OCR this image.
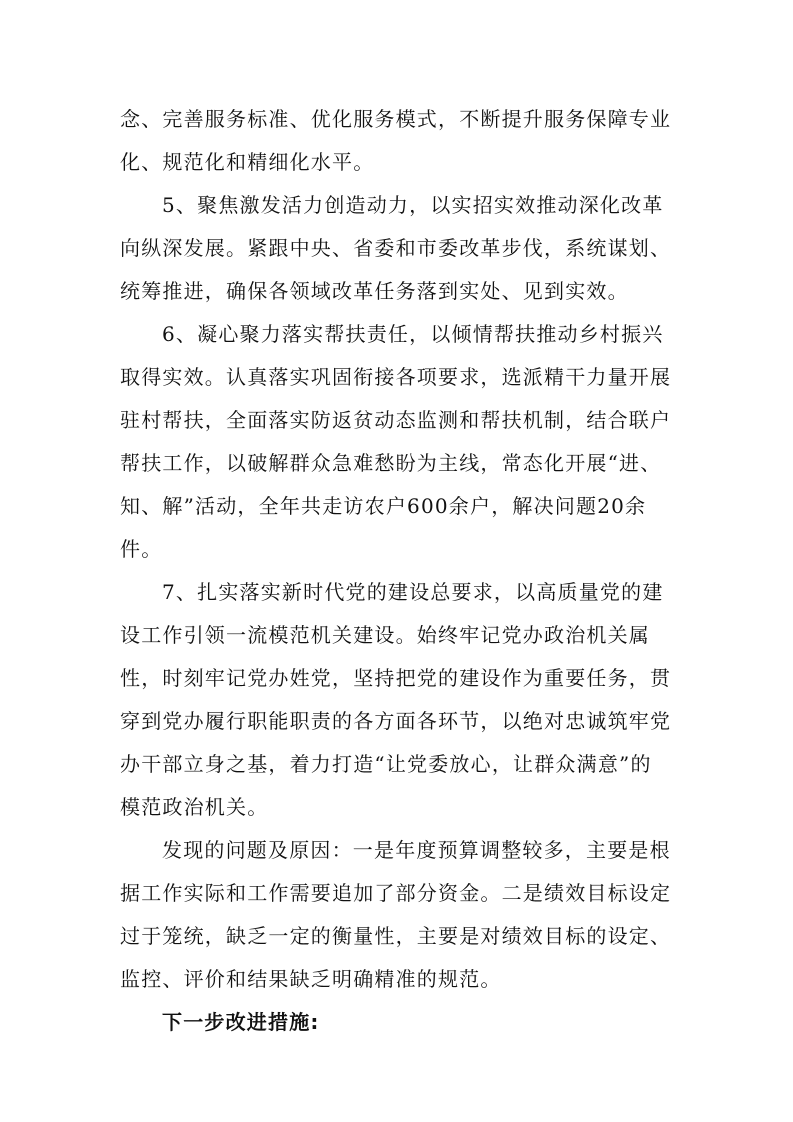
念、完善服务标准、优化服务模式，不断提升服务保障专业
化、规范化和精细化水平。
5、聚焦激发活力创造动力，以实招实效推动深化改革
向纵深发展。紧跟中央、省委和市委改革步伐，系统谋划、
统筹推进，确保各领域改革任务落到实处、见到实效。
6、凝心聚力落实帮扶责任，以倾情帮扶推动乡村振兴
取得实效。认真落实巩固衔接各项要求，选派精干力量开展
驻村帮扶，全面落实防返贫动态监测和帮扶机制，结合联户
帮扶工作，以破解群众急难愁盼为主线，常态化开展“进、
知、解”活动，全年共走访农户600余户，解决问题20余
件。
7、扎实落实新时代党的建设总要求，以高质量党的建
设工作引领一流模范机关建设。始终牢记党办政治机关属
性，时刻牢记党办姓党，坚持把党的建设作为重要任务，贯
穿到党办履行职能职责的各方面各环节，以绝对忠诚筑牢党
办干部立身之基，着力打造“让党委放心，让群众满意”的
模范政治机关。
发现的问题及原因：一是年度预算调整较多，主要是根
据工作实际和工作需要追加了部分资金。二是绩效目标设定
过于笼统，缺乏一定的衡量性，主要是对绩效目标的设定、
监控、评价和结果缺乏明确精准的规范。
下一步改进措施:
